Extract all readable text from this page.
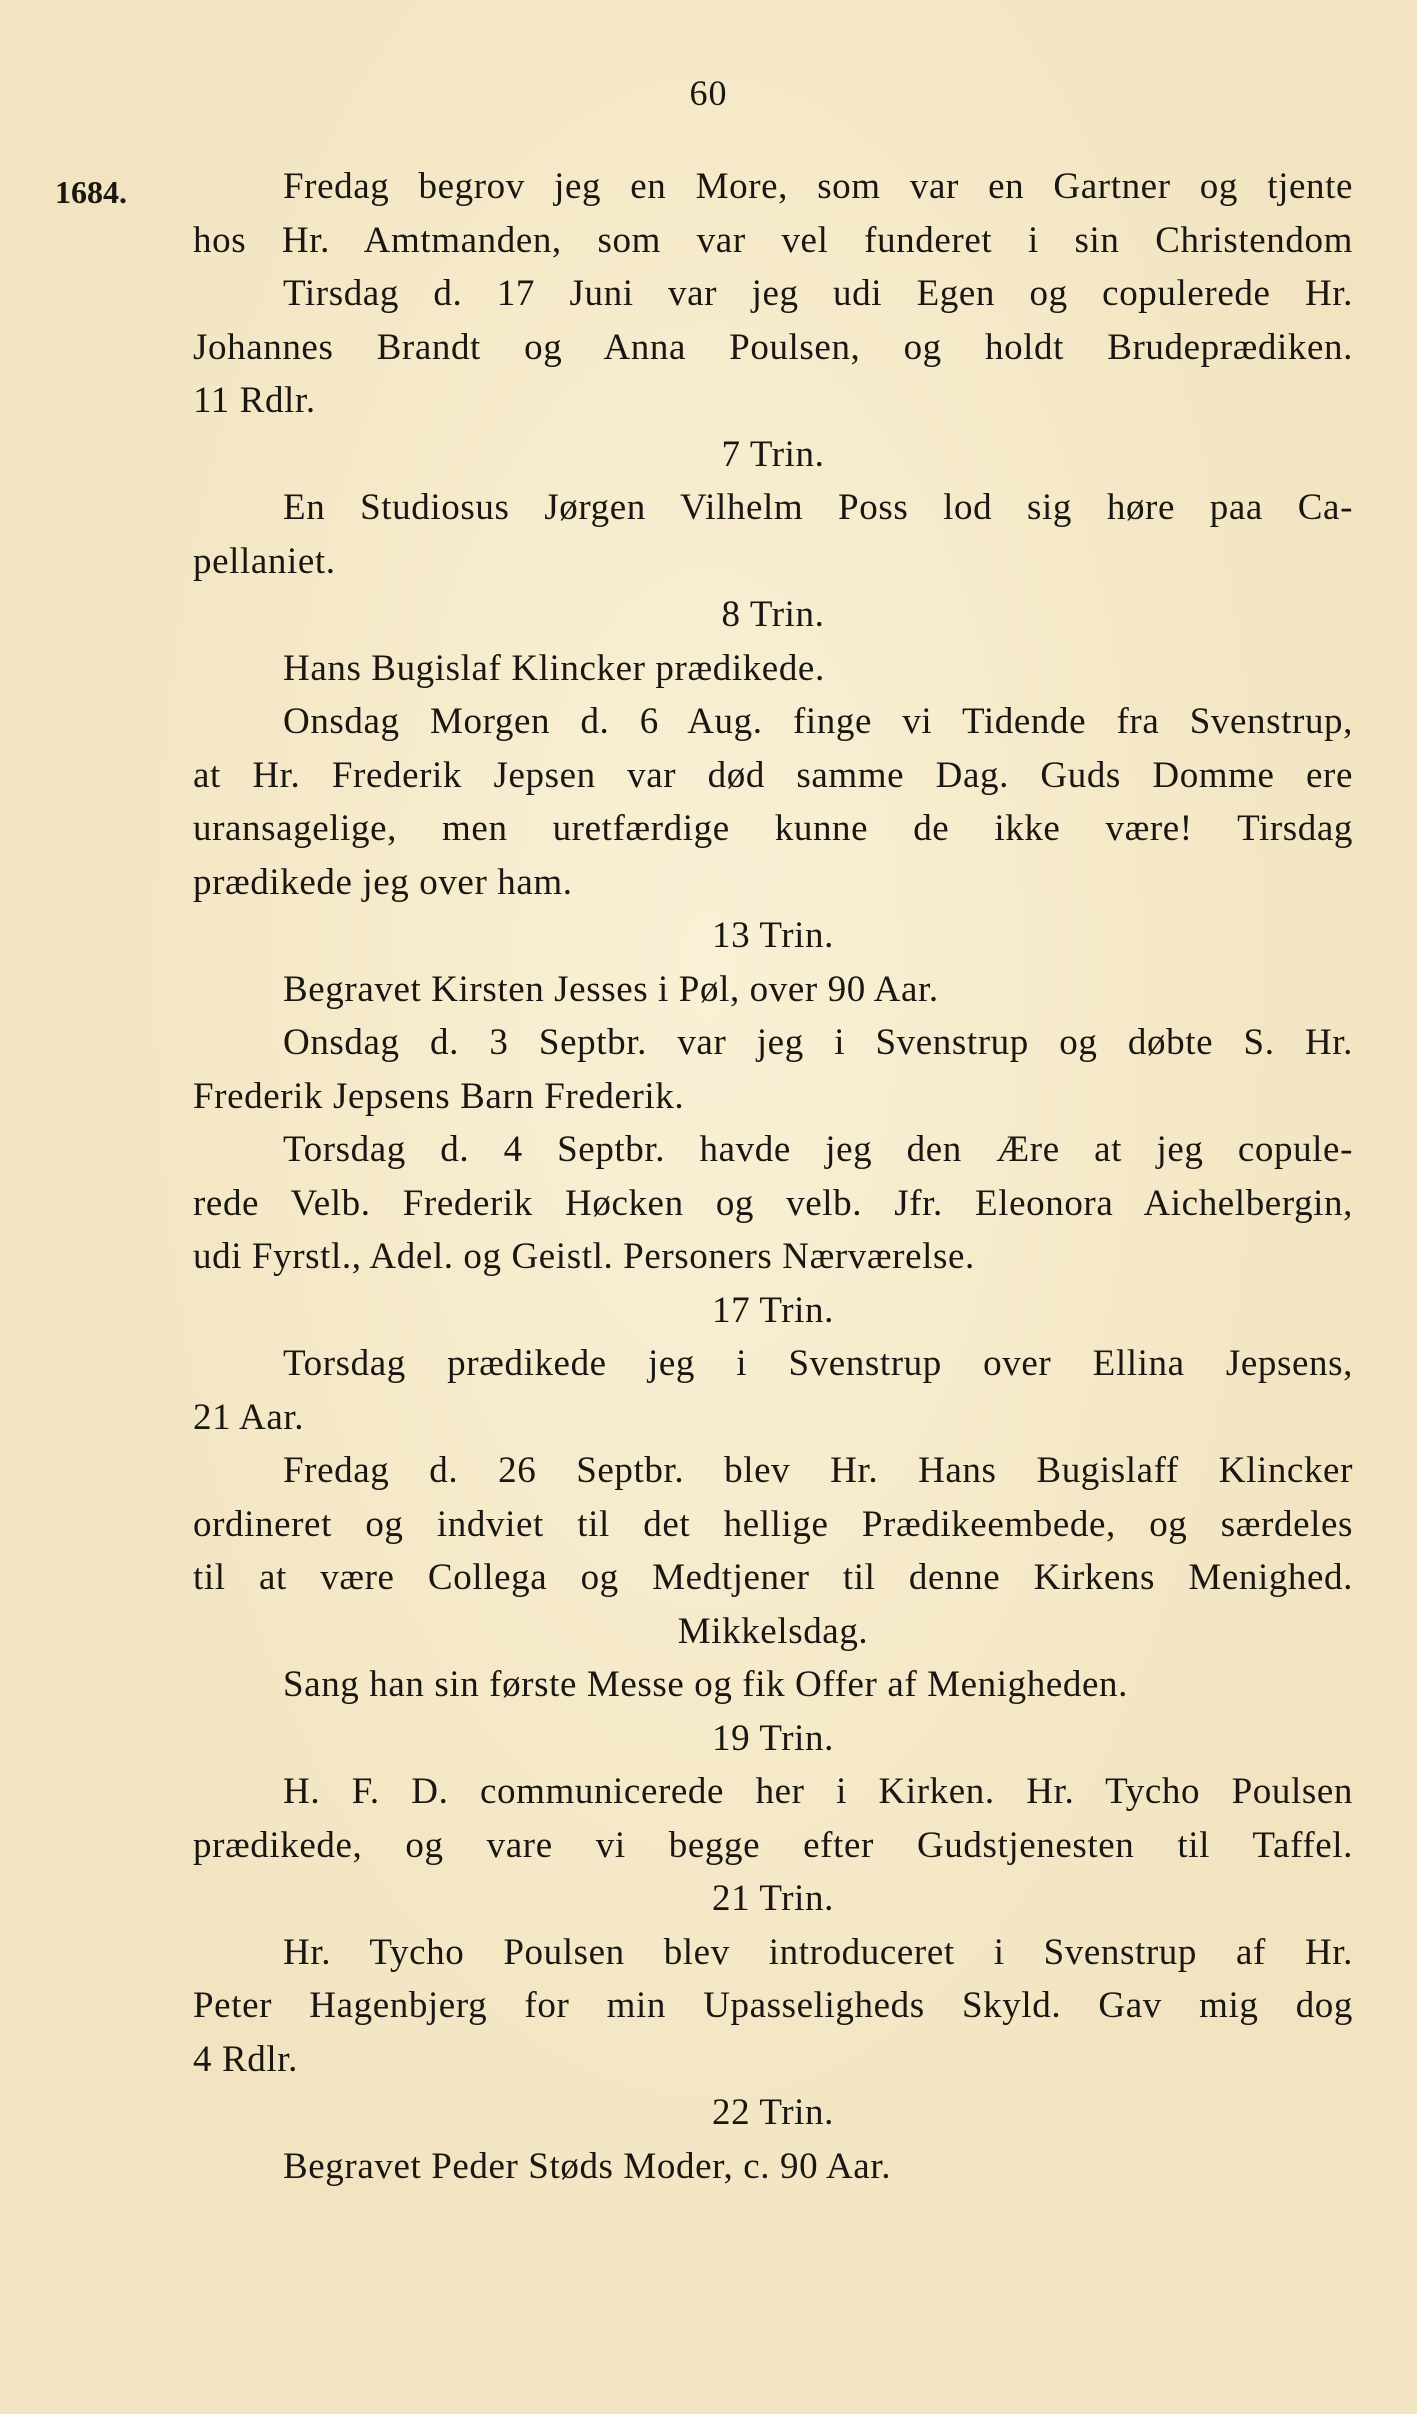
60
1684.	Fredag begrov jeg en More, som var en Gartner og tjente
hos Hr. Amtmanden, som var vel funderet i sin Christendom
Tirsdag d. 17 Juni var jeg udi Egen og copulerede Hr.
Johannes Brandt og Anna Poulsen, og holdt Brudeprædiken.
11 Rdlr.
7 Trin.
En Studiosus Jørgen Vilhelm Poss lod sig høre paa Ca-
pellaniet.
8 Trin.
Hans Bugislaf Klincker prædikede.
Onsdag Morgen d. 6 Aug. finge vi Tidende fra Svenstrup,
at Hr. Frederik Jepsen var død samme Dag. Guds Domme ere
uransagelige, men uretfærdige kunne de ikke være! Tirsdag
prædikede jeg over ham.
13 Trin.
Begravet Kirsten Jesses i Pøl, over 90 Aar.
Onsdag d. 3 Septbr. var jeg i Svenstrup og døbte S. Hr.
Frederik Jepsens Barn Frederik.
Torsdag d. 4 Septbr. havde jeg den Ære at jeg copule-
rede Velb. Frederik Høcken og velb. Jfr. Eleonora Aichelbergin,
udi Fyrstl., Adel. og Geistl. Personers Nærværelse.
17 Trin.
Torsdag prædikede jeg i Svenstrup over Ellina Jepsens,
21 Aar.
Fredag d. 26 Septbr. blev Hr. Hans Bugislaff Klincker
ordineret og indviet til det hellige Prædikeembede, og særdeles
til at være Collega og Medtjener til denne Kirkens Menighed.
Mikkelsdag.
Sang han sin første Messe og fik Offer af Menigheden.
19 Trin.
H. F. D. communicerede her i Kirken. Hr. Tycho Poulsen
prædikede, og vare vi begge efter Gudstjenesten til Taffel.
21 Trin.
Hr. Tycho Poulsen blev introduceret i Svenstrup af Hr.
Peter Hagenbjerg for min Upasseligheds Skyld. Gav mig dog
4 Rdlr.
22 Trin.
Begravet Peder Støds Moder, c. 90 Aar.
